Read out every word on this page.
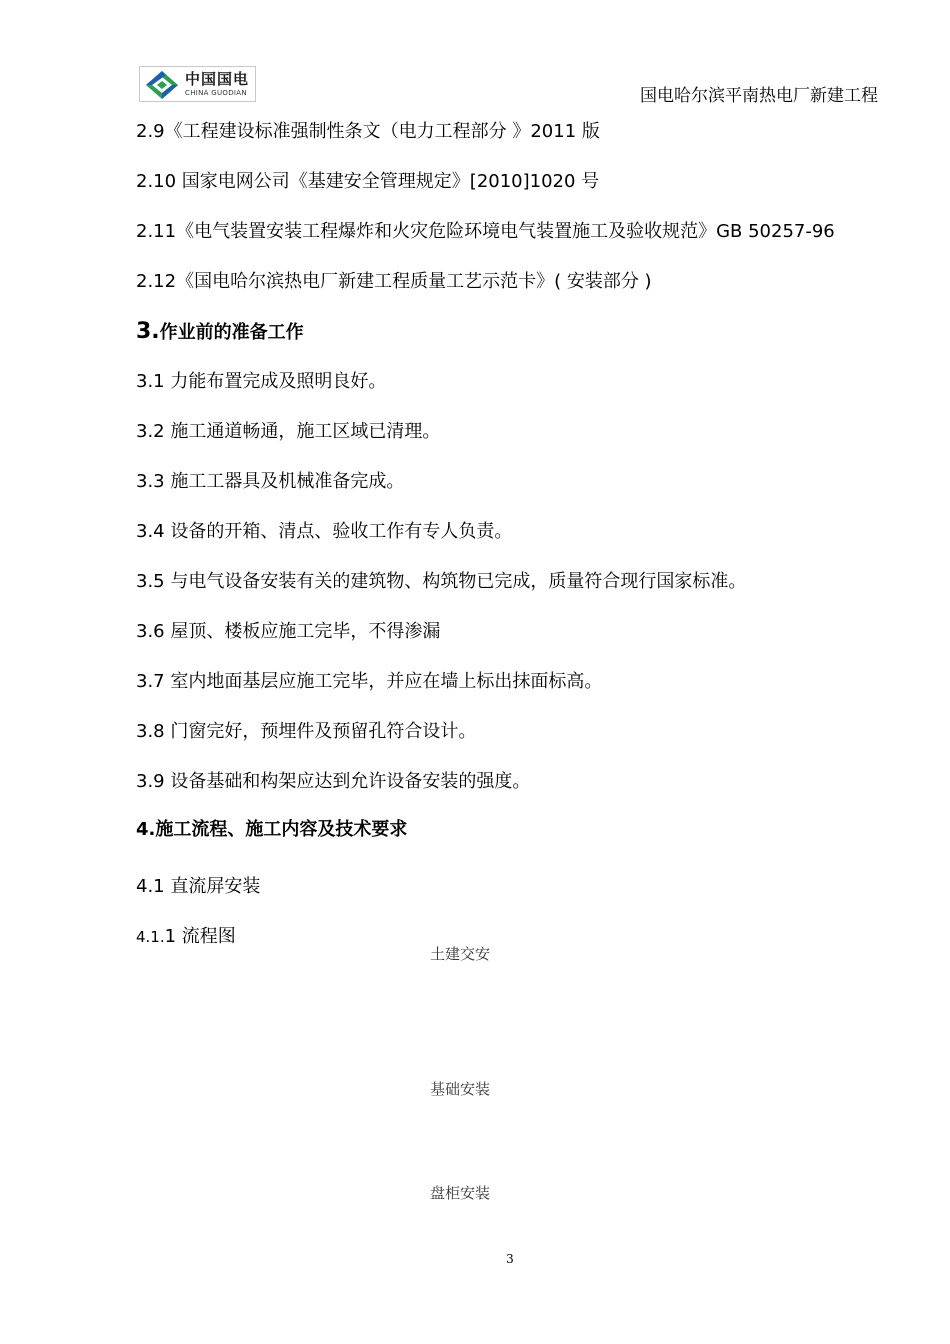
中国国电
CHINA GUODIAN	国电哈尔滨平南热电厂新建工程
2.9《工程建设标准强制性条文（电力工程部分 》2011 版
2.10 国家电网公司《基建安全管理规定》[2010]1020 号
2.11《电气装置安装工程爆炸和火灾危险环境电气装置施工及验收规范》GB 50257-96
2.12《国电哈尔滨热电厂新建工程质量工艺示范卡》( 安装部分 )
3.作业前的准备工作
3.1 力能布置完成及照明良好。
3.2 施工通道畅通，施工区域已清理。
3.3 施工工器具及机械准备完成。
3.4 设备的开箱、清点、验收工作有专人负责。
3.5 与电气设备安装有关的建筑物、构筑物已完成，质量符合现行国家标准。
3.6 屋顶、楼板应施工完毕，不得渗漏
3.7 室内地面基层应施工完毕，并应在墙上标出抹面标高。
3.8 门窗完好，预埋件及预留孔符合设计。
3.9 设备基础和构架应达到允许设备安装的强度。
4.施工流程、施工内容及技术要求
4.1 直流屏安装
4.1.1 流程图
土建交安
基础安装
盘柜安装
3
